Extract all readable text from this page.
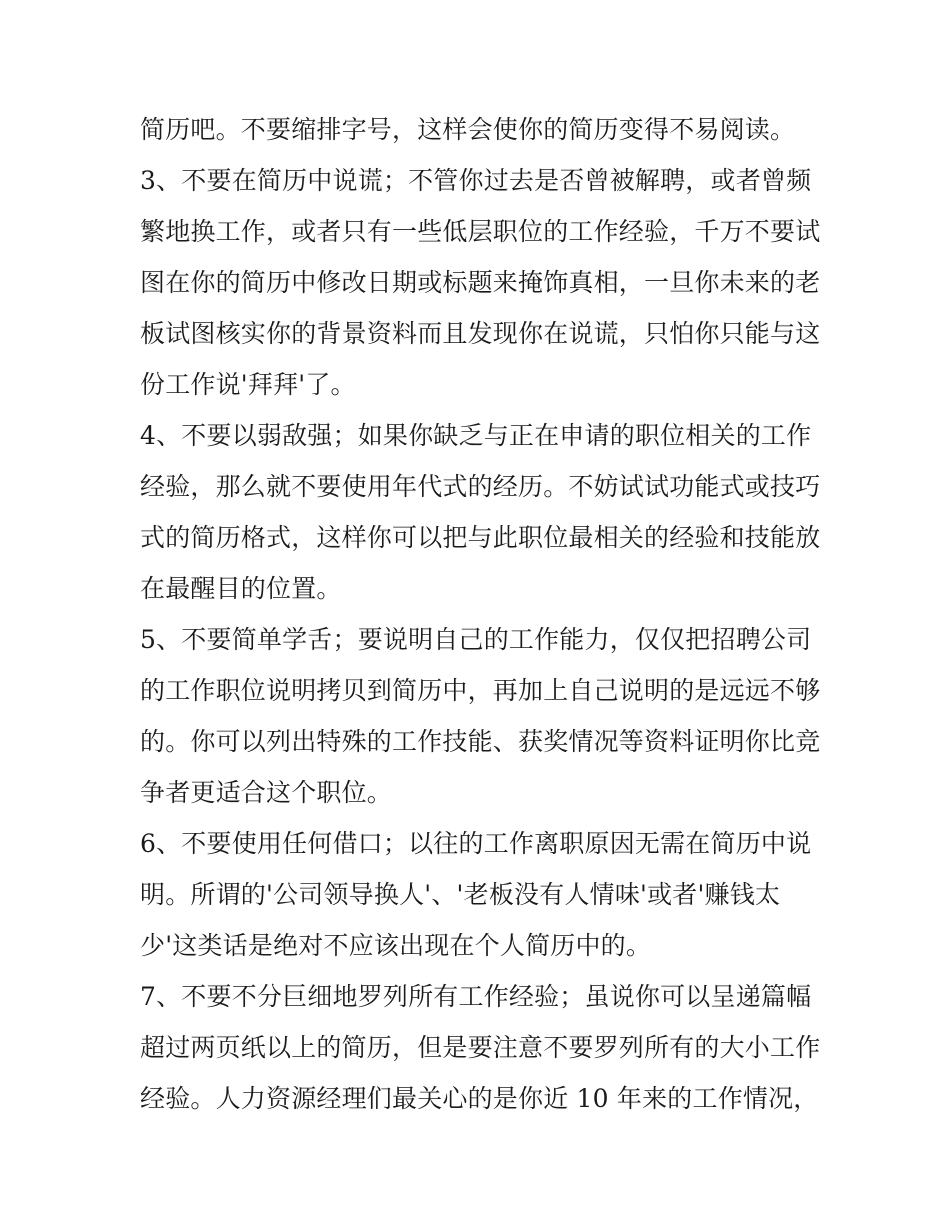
简历吧。不要缩排字号，这样会使你的简历变得不易阅读。
3、不要在简历中说谎；不管你过去是否曾被解聘，或者曾频
繁地换工作，或者只有一些低层职位的工作经验，千万不要试
图在你的简历中修改日期或标题来掩饰真相，一旦你未来的老
板试图核实你的背景资料而且发现你在说谎，只怕你只能与这
份工作说'拜拜'了。
4、不要以弱敌强；如果你缺乏与正在申请的职位相关的工作
经验，那么就不要使用年代式的经历。不妨试试功能式或技巧
式的简历格式，这样你可以把与此职位最相关的经验和技能放
在最醒目的位置。
5、不要简单学舌；要说明自己的工作能力，仅仅把招聘公司
的工作职位说明拷贝到简历中，再加上自己说明的是远远不够
的。你可以列出特殊的工作技能、获奖情况等资料证明你比竞
争者更适合这个职位。
6、不要使用任何借口；以往的工作离职原因无需在简历中说
明。所谓的'公司领导换人'、'老板没有人情味'或者'赚钱太
少'这类话是绝对不应该出现在个人简历中的。
7、不要不分巨细地罗列所有工作经验；虽说你可以呈递篇幅
超过两页纸以上的简历，但是要注意不要罗列所有的大小工作
经验。人力资源经理们最关心的是你近 10 年来的工作情况，
